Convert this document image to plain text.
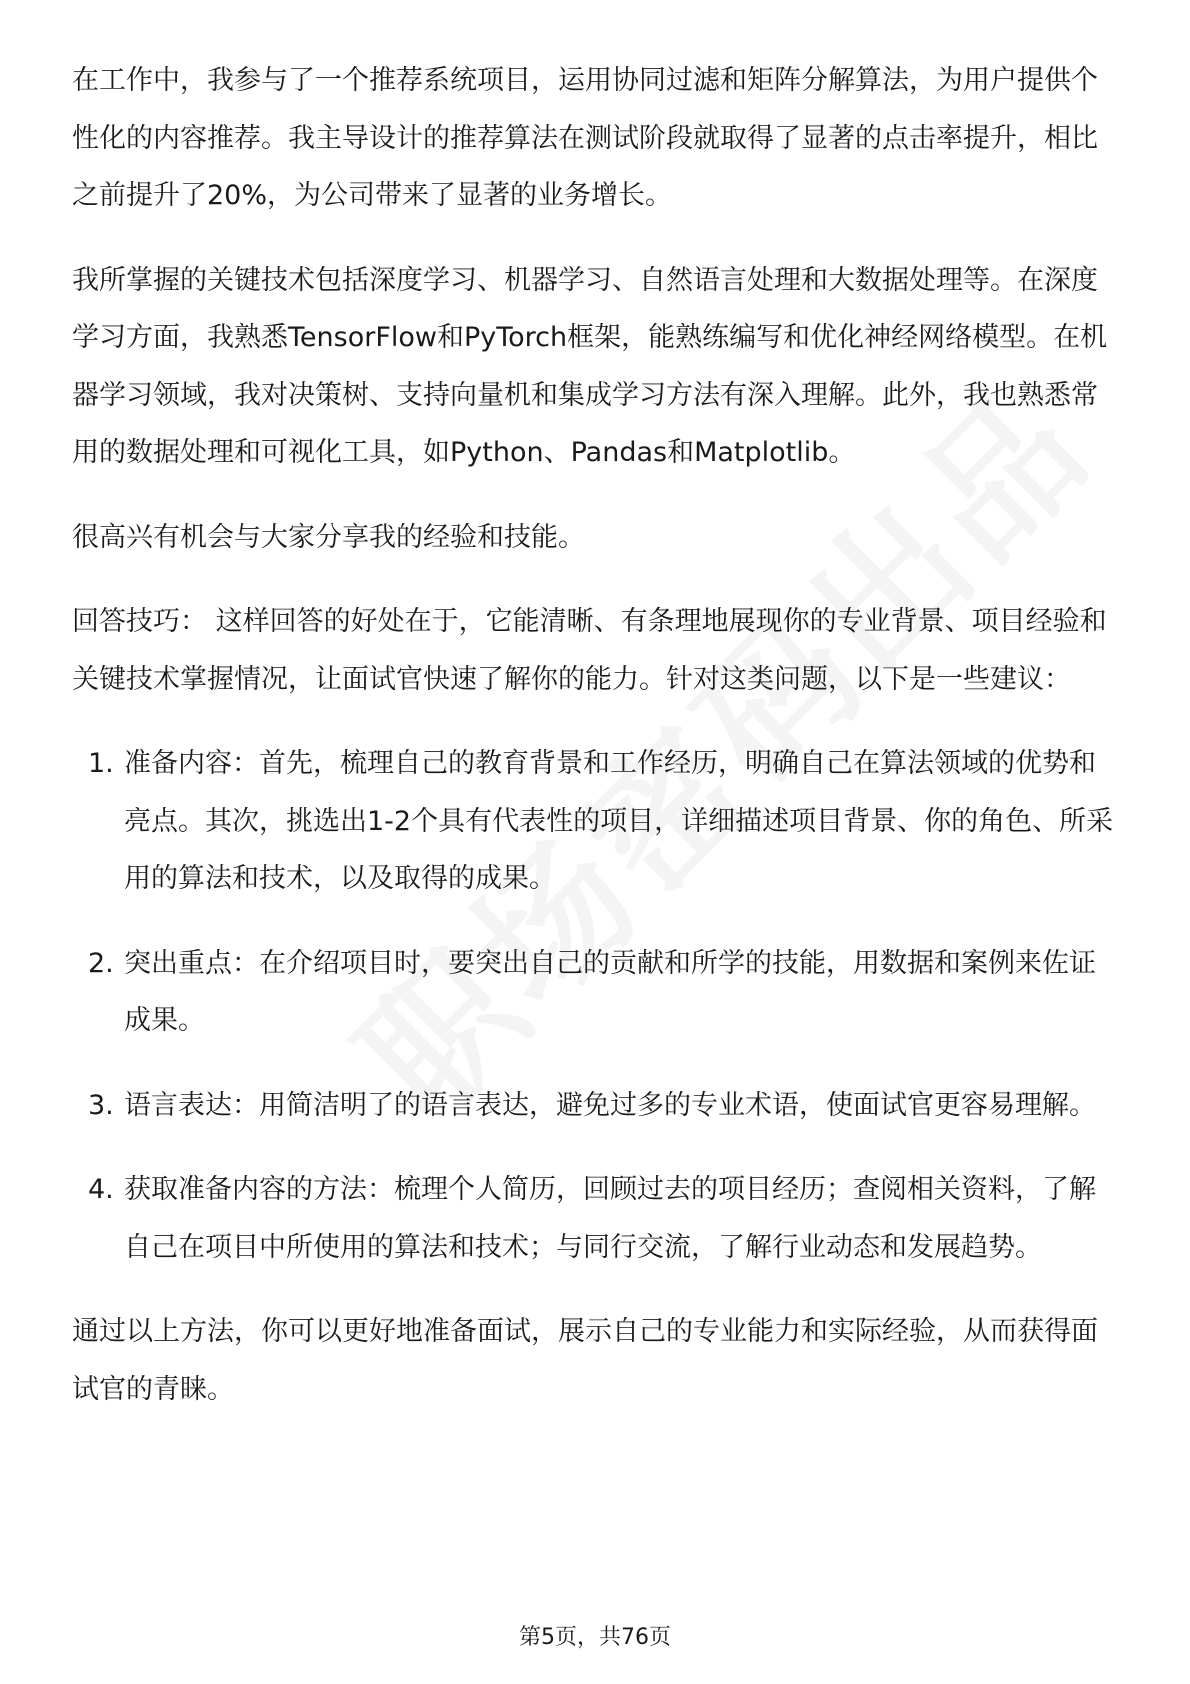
在工作中，我参与了一个推荐系统项目，运用协同过滤和矩阵分解算法，为用户提供个性化的内容推荐。我主导设计的推荐算法在测试阶段就取得了显著的点击率提升，相比之前提升了20%，为公司带来了显著的业务增长。

我所掌握的关键技术包括深度学习、机器学习、自然语言处理和大数据处理等。在深度学习方面，我熟悉TensorFlow和PyTorch框架，能熟练编写和优化神经网络模型。在机器学习领域，我对决策树、支持向量机和集成学习方法有深入理解。此外，我也熟悉常用的数据处理和可视化工具，如Python、Pandas和Matplotlib。

很高兴有机会与大家分享我的经验和技能。

回答技巧： 这样回答的好处在于，它能清晰、有条理地展现你的专业背景、项目经验和关键技术掌握情况，让面试官快速了解你的能力。针对这类问题，以下是一些建议：

1. 准备内容：首先，梳理自己的教育背景和工作经历，明确自己在算法领域的优势和亮点。其次，挑选出1-2个具有代表性的项目，详细描述项目背景、你的角色、所采用的算法和技术，以及取得的成果。
2. 突出重点：在介绍项目时，要突出自己的贡献和所学的技能，用数据和案例来佐证成果。
3. 语言表达：用简洁明了的语言表达，避免过多的专业术语，使面试官更容易理解。
4. 获取准备内容的方法：梳理个人简历，回顾过去的项目经历；查阅相关资料，了解自己在项目中所使用的算法和技术；与同行交流，了解行业动态和发展趋势。

通过以上方法，你可以更好地准备面试，展示自己的专业能力和实际经验，从而获得面试官的青睐。

第5页，共76页
